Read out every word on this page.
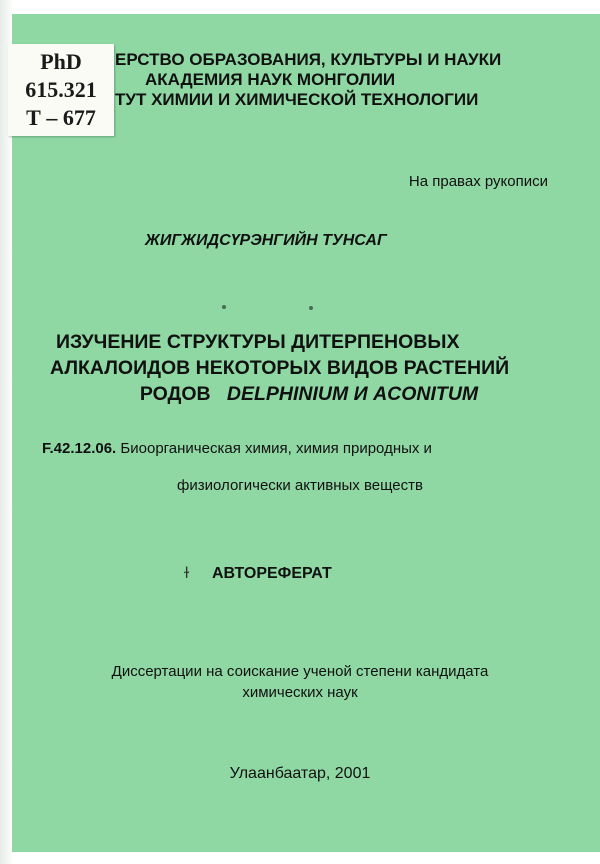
ЕРСТВО ОБРАЗОВАНИЯ, КУЛЬТУРЫ И НАУКИ
АКАДЕМИЯ НАУК МОНГОЛИИ
ТУТ ХИМИИ И ХИМИЧЕСКОЙ ТЕХНОЛОГИИ
PhD
615.321
Т – 677
На правах рукописи
ЖИГЖИДСҮРЭНГИЙН ТУНСАГ
ИЗУЧЕНИЕ СТРУКТУРЫ ДИТЕРПЕНОВЫХ
АЛКАЛОИДОВ НЕКОТОРЫХ ВИДОВ РАСТЕНИЙ
РОДОВ DELPHINIUM И ACONITUM
F.42.12.06. Биоорганическая химия, химия природных и
физиологически активных веществ
ɫ АВТОРЕФЕРАТ
Диссертации на соискание ученой степени кандидата
химических наук
Улаанбаатар, 2001
